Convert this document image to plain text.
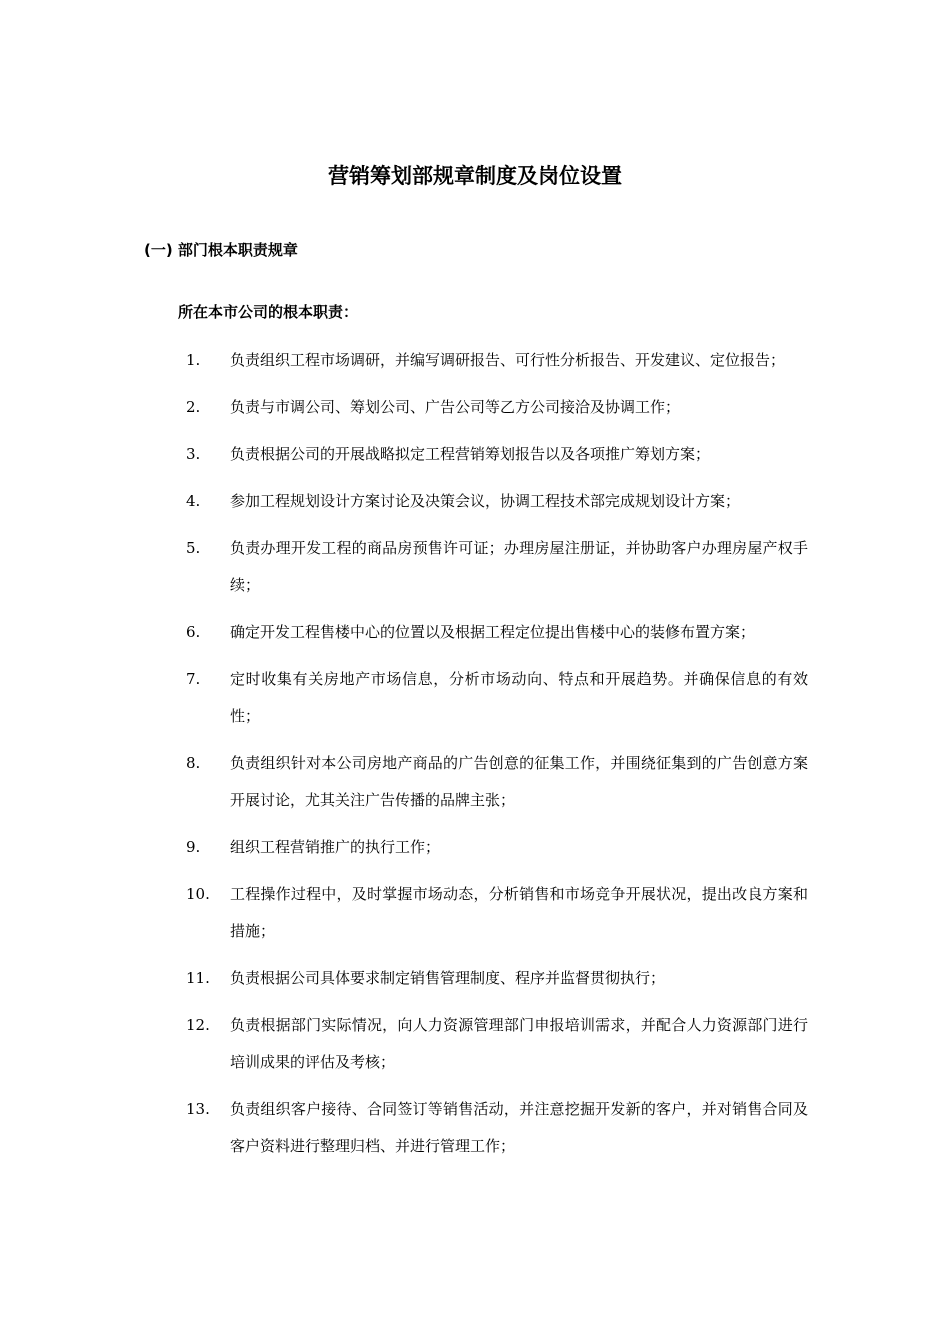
营销筹划部规章制度及岗位设置
(一) 部门根本职责规章
所在本市公司的根本职责：
1.	负责组织工程市场调研，并编写调研报告、可行性分析报告、开发建议、定位报告；
2.	负责与市调公司、筹划公司、广告公司等乙方公司接洽及协调工作；
3.	负责根据公司的开展战略拟定工程营销筹划报告以及各项推广筹划方案；
4.	参加工程规划设计方案讨论及决策会议，协调工程技术部完成规划设计方案；
5.	负责办理开发工程的商品房预售许可证；办理房屋注册证，并协助客户办理房屋产权手续；
6.	确定开发工程售楼中心的位置以及根据工程定位提出售楼中心的装修布置方案；
7.	定时收集有关房地产市场信息，分析市场动向、特点和开展趋势。并确保信息的有效性；
8.	负责组织针对本公司房地产商品的广告创意的征集工作，并围绕征集到的广告创意方案开展讨论，尤其关注广告传播的品牌主张；
9.	组织工程营销推广的执行工作；
10.	工程操作过程中，及时掌握市场动态，分析销售和市场竞争开展状况，提出改良方案和措施；
11.	负责根据公司具体要求制定销售管理制度、程序并监督贯彻执行；
12.	负责根据部门实际情况，向人力资源管理部门申报培训需求，并配合人力资源部门进行培训成果的评估及考核；
13.	负责组织客户接待、合同签订等销售活动，并注意挖掘开发新的客户，并对销售合同及客户资料进行整理归档、并进行管理工作；
